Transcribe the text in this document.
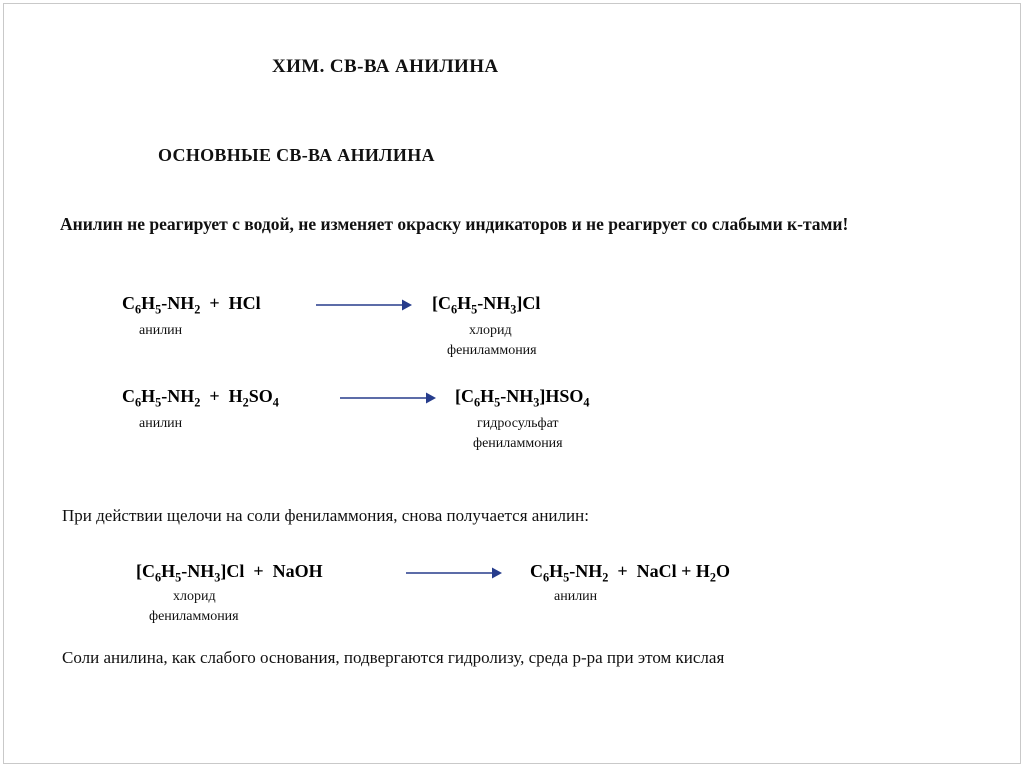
ХИМ. СВ-ВА АНИЛИНА
ОСНОВНЫЕ СВ-ВА АНИЛИНА

Анилин не реагирует с водой, не изменяет окраску индикаторов и не реагирует со слабыми к-тами!

$C_6H_5-NH_2$  +  HCl	$[C_6H_5-NH_3]Cl$
анилин	хлорид
фениламмония
$C_6H_5-NH_2 + H_2SO_4$	$[C_6H_5-NH_3]HSO_4$
анилин	гидросульфат
фениламмония

При действии щелочи на соли фениламмония, снова получается анилин:

$[C_6H_5-NH_3]Cl$  +  NaOH	$C_6H_5-NH_2$  +  NaCl + $H_2O$
хлорид
фениламмония
анилин

Соли анилина, как слабого основания, подвергаются гидролизу, среда р-ра при этом кислая
